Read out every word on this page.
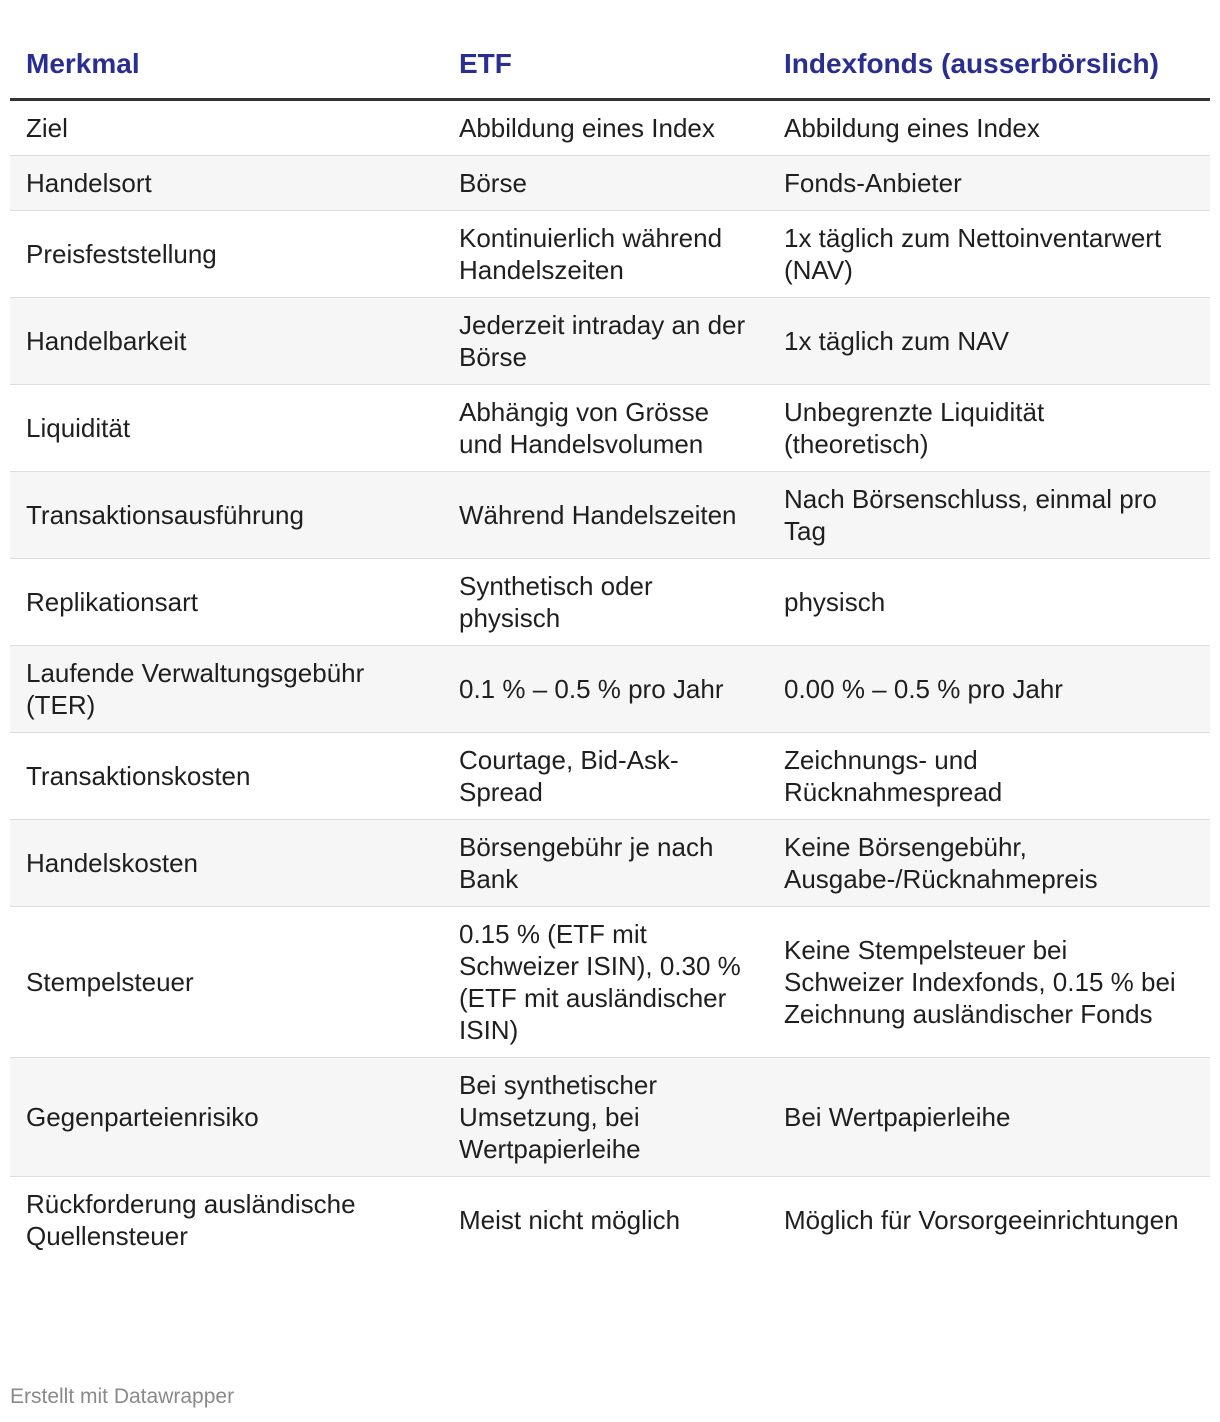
Merkmal	ETF	Indexfonds (ausserbörslich)
Ziel	Abbildung eines Index	Abbildung eines Index
Handelsort	Börse	Fonds-Anbieter
Preisfeststellung	Kontinuierlich während Handelszeiten	1x täglich zum Nettoinventarwert (NAV)
Handelbarkeit	Jederzeit intraday an der Börse	1x täglich zum NAV
Liquidität	Abhängig von Grösse und Handelsvolumen	Unbegrenzte Liquidität (theoretisch)
Transaktionsausführung	Während Handelszeiten	Nach Börsenschluss, einmal pro Tag
Replikationsart	Synthetisch oder physisch	physisch
Laufende Verwaltungsgebühr (TER)	0.1 % – 0.5 % pro Jahr	0.00 % – 0.5 % pro Jahr
Transaktionskosten	Courtage, Bid-Ask-Spread	Zeichnungs- und Rücknahmespread
Handelskosten	Börsengebühr je nach Bank	Keine Börsengebühr, Ausgabe-/Rücknahmepreis
Stempelsteuer	0.15 % (ETF mit Schweizer ISIN), 0.30 % (ETF mit ausländischer ISIN)	Keine Stempelsteuer bei Schweizer Indexfonds, 0.15 % bei Zeichnung ausländischer Fonds
Gegenparteienrisiko	Bei synthetischer Umsetzung, bei Wertpapierleihe	Bei Wertpapierleihe
Rückforderung ausländische Quellensteuer	Meist nicht möglich	Möglich für Vorsorgeeinrichtungen
Erstellt mit Datawrapper
